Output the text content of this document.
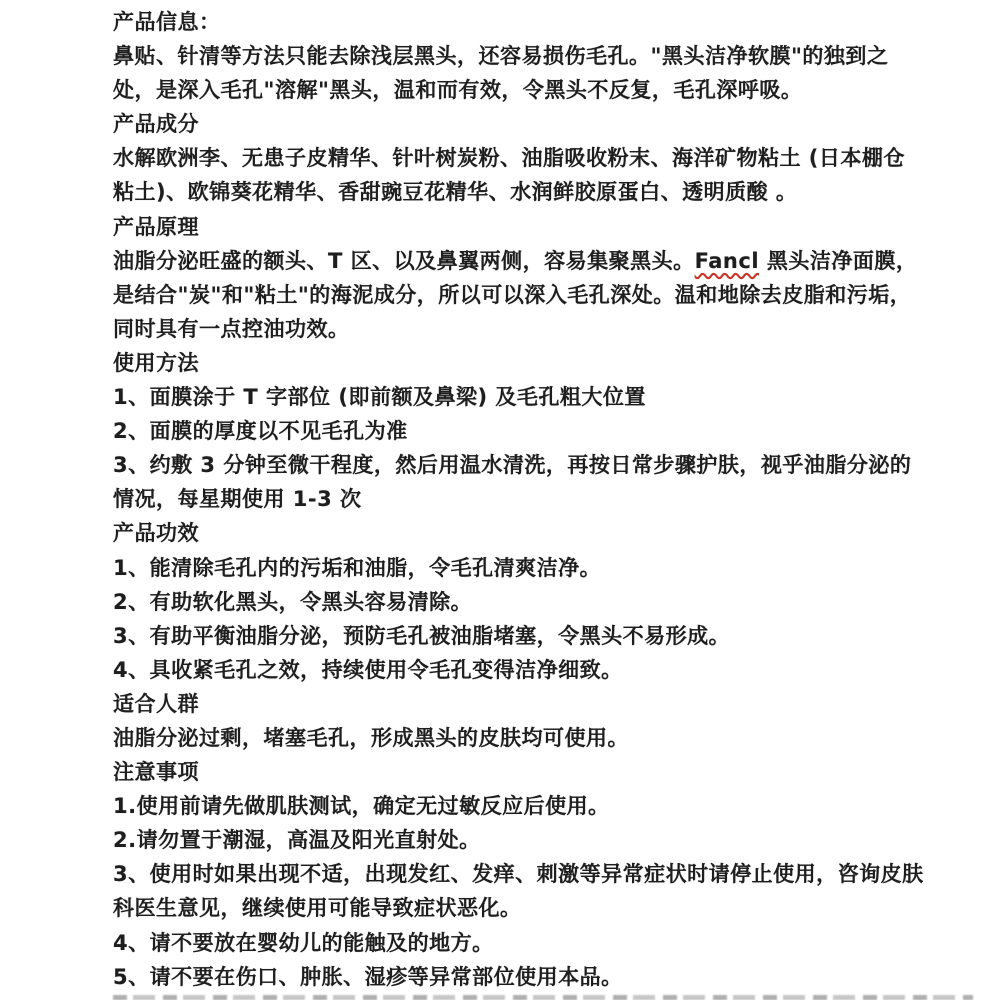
产品信息：
鼻贴、针清等方法只能去除浅层黑头，还容易损伤毛孔。"黑头洁净软膜"的独到之
处，是深入毛孔"溶解"黑头，温和而有效，令黑头不反复，毛孔深呼吸。
产品成分
水解欧洲李、无患子皮精华、针叶树炭粉、油脂吸收粉末、海洋矿物粘土 (日本棚仓
粘土)、欧锦葵花精华、香甜豌豆花精华、水润鲜胶原蛋白、透明质酸 。
产品原理
油脂分泌旺盛的额头、T 区、以及鼻翼两侧，容易集聚黑头。Fancl 黑头洁净面膜，
是结合"炭"和"粘土"的海泥成分，所以可以深入毛孔深处。温和地除去皮脂和污垢，
同时具有一点控油功效。
使用方法
1、面膜涂于 T 字部位 (即前额及鼻梁) 及毛孔粗大位置
2、面膜的厚度以不见毛孔为准
3、约敷 3 分钟至微干程度，然后用温水清洗，再按日常步骤护肤，视乎油脂分泌的
情况，每星期使用 1-3 次
产品功效
1、能清除毛孔内的污垢和油脂，令毛孔清爽洁净。
2、有助软化黑头，令黑头容易清除。
3、有助平衡油脂分泌，预防毛孔被油脂堵塞，令黑头不易形成。
4、具收紧毛孔之效，持续使用令毛孔变得洁净细致。
适合人群
油脂分泌过剩，堵塞毛孔，形成黑头的皮肤均可使用。
注意事项
1.使用前请先做肌肤测试，确定无过敏反应后使用。
2.请勿置于潮湿，高温及阳光直射处。
3、使用时如果出现不适，出现发红、发痒、刺激等异常症状时请停止使用，咨询皮肤
科医生意见，继续使用可能导致症状恶化。
4、请不要放在婴幼儿的能触及的地方。
5、请不要在伤口、肿胀、湿疹等异常部位使用本品。
